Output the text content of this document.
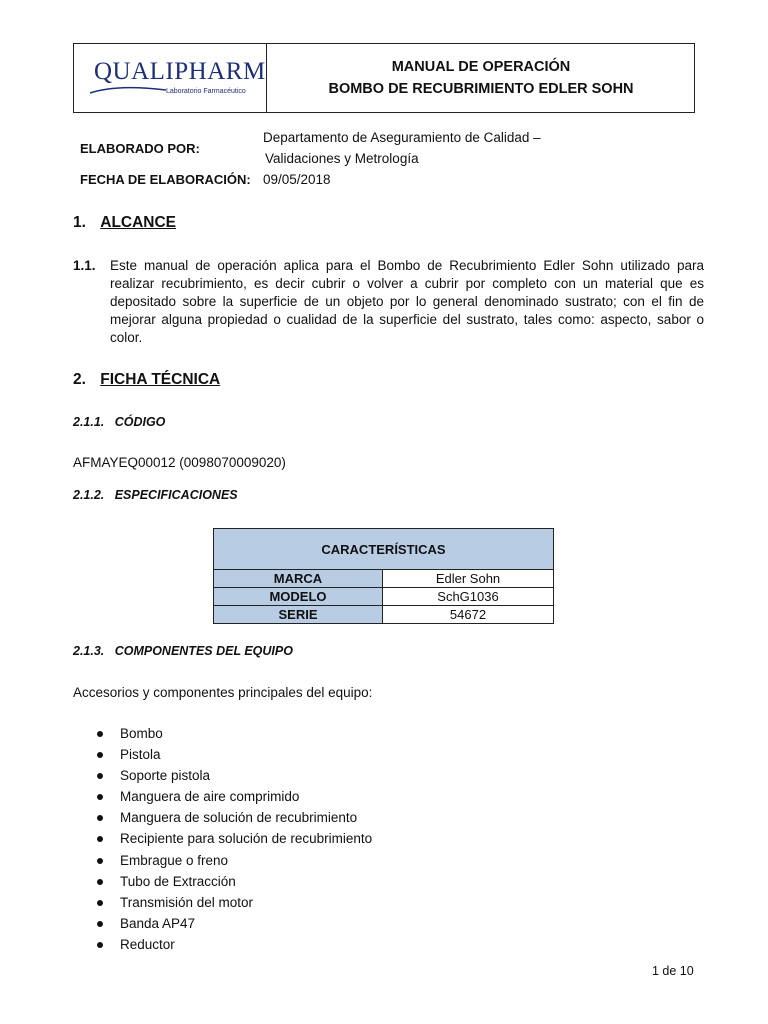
QUALIPHARM
Laboratorio Farmacéutico
MANUAL DE OPERACIÓN
BOMBO DE RECUBRIMIENTO EDLER SOHN
ELABORADO POR:
Departamento de Aseguramiento de Calidad –
Validaciones y Metrología
FECHA DE ELABORACIÓN: 09/05/2018
1. ALCANCE
1.1. Este manual de operación aplica para el Bombo de Recubrimiento Edler Sohn utilizado para realizar recubrimiento, es decir cubrir o volver a cubrir por completo con un material que es depositado sobre la superficie de un objeto por lo general denominado sustrato; con el fin de mejorar alguna propiedad o cualidad de la superficie del sustrato, tales como: aspecto, sabor o color.
2. FICHA TÉCNICA
2.1.1.   CÓDIGO
AFMAYEQ00012 (0098070009020)
2.1.2.   ESPECIFICACIONES
CARACTERÍSTICAS	
MARCA	Edler Sohn
MODELO	SchG1036
SERIE	54672
2.1.3.   COMPONENTES DEL EQUIPO
Accesorios y componentes principales del equipo:
Bombo
Pistola
Soporte pistola
Manguera de aire comprimido
Manguera de solución de recubrimiento
Recipiente para solución de recubrimiento
Embrague o freno
Tubo de Extracción
Transmisión del motor
Banda AP47
Reductor
1 de 10
